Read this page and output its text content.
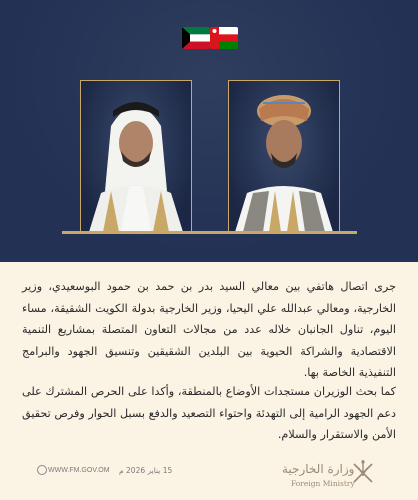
جرى اتصال هاتفي بين معالي السيد بدر بن حمد بن حمود البوسعيدي، وزير الخارجية، ومعالي عبدالله علي اليحيا، وزير الخارجية بدولة الكويت الشقيقة، مساء اليوم، تناول الجانبان خلاله عدد من مجالات التعاون المتصلة بمشاريع التنمية الاقتصادية والشراكة الحيوية بين البلدين الشقيقين وتنسيق الجهود والبرامج التنفيذية الخاصة بها.

كما بحث الوزيران مستجدات الأوضاع بالمنطقة، وأكدا على الحرص المشترك على دعم الجهود الرامية إلى التهدئة واحتواء التصعيد والدفع بسبل الحوار وفرص تحقيق الأمن والاستقرار والسلام.

WWW.FM.GOV.OM 15 يناير 2026 م	وزارة الخارجية
Foreign Ministry
